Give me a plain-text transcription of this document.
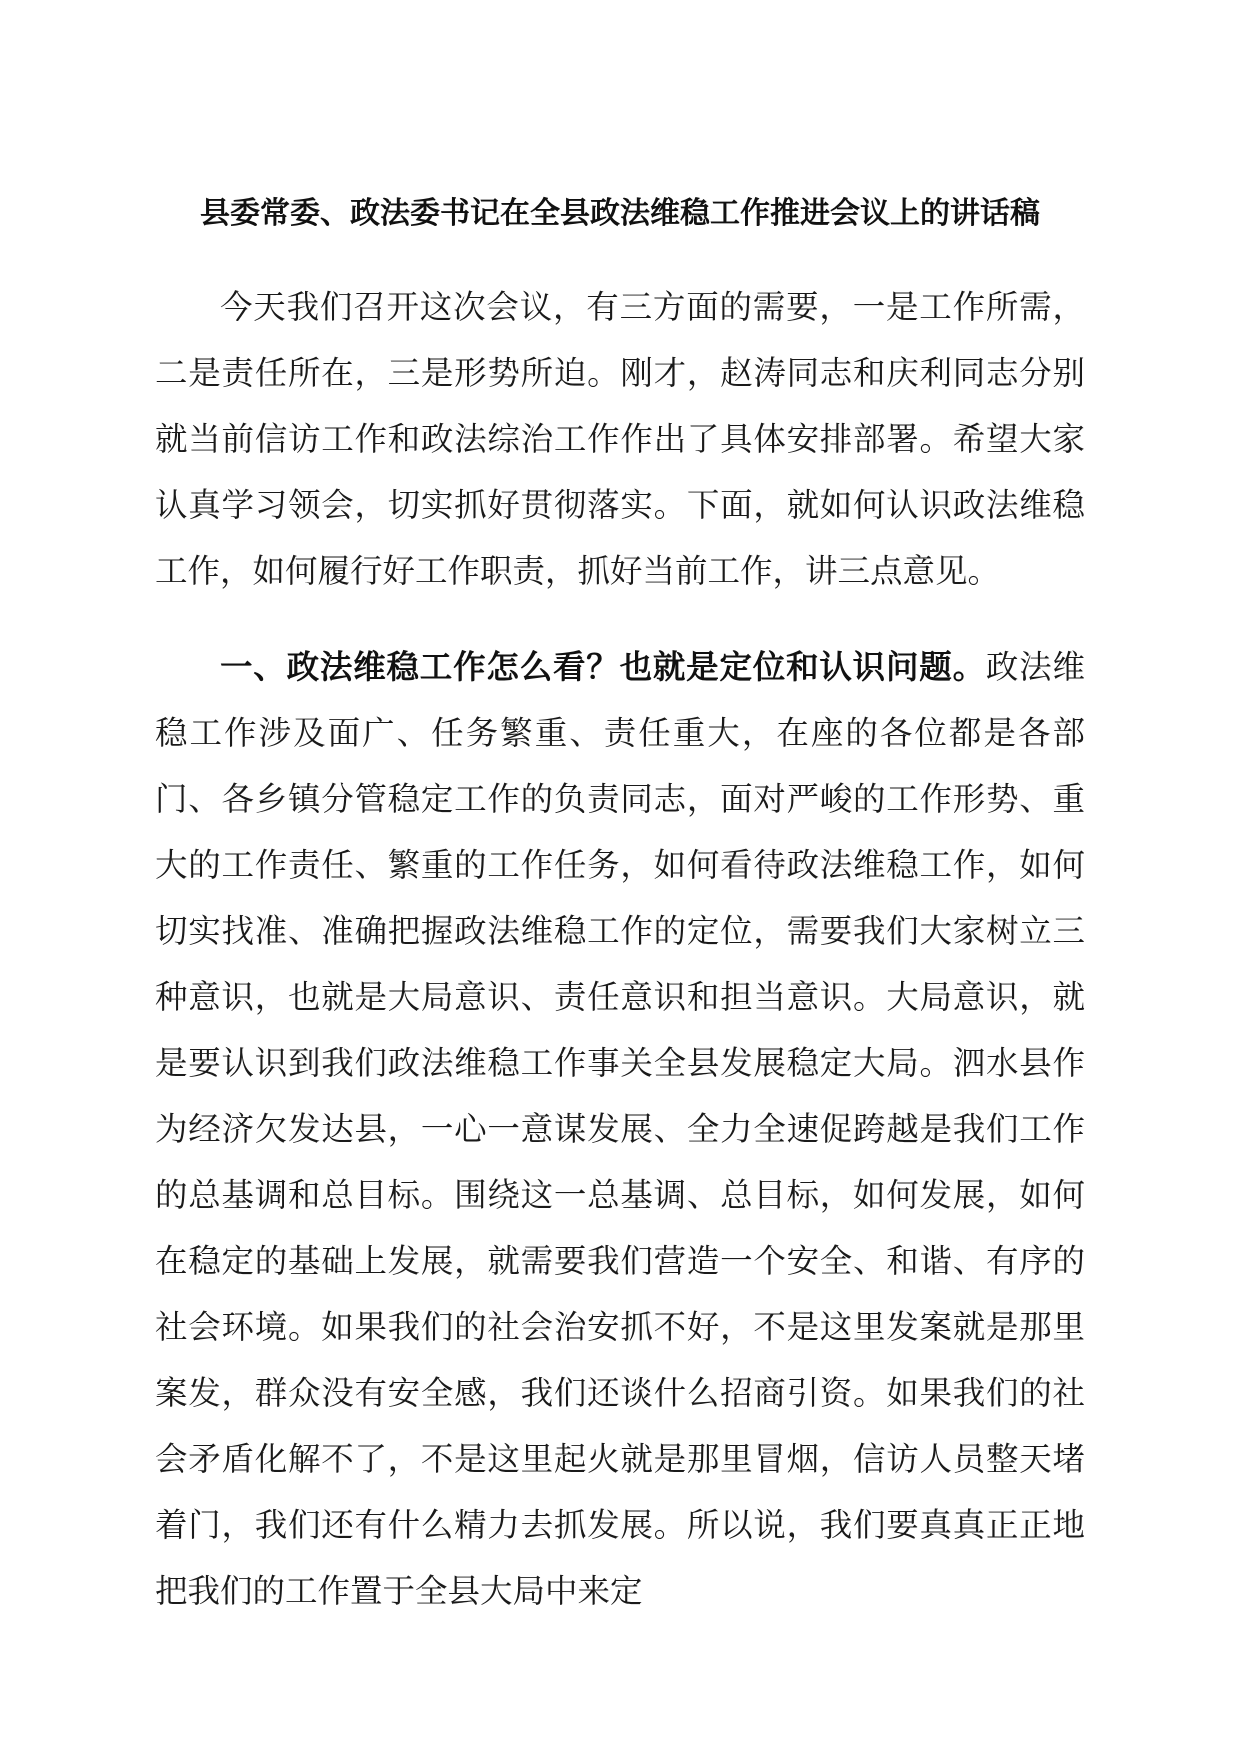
县委常委、政法委书记在全县政法维稳工作推进会议上的讲话稿

今天我们召开这次会议，有三方面的需要，一是工作所需，二是责任所在，三是形势所迫。刚才，赵涛同志和庆利同志分别就当前信访工作和政法综治工作作出了具体安排部署。希望大家认真学习领会，切实抓好贯彻落实。下面，就如何认识政法维稳工作，如何履行好工作职责，抓好当前工作，讲三点意见。

一、政法维稳工作怎么看？也就是定位和认识问题。政法维稳工作涉及面广、任务繁重、责任重大，在座的各位都是各部门、各乡镇分管稳定工作的负责同志，面对严峻的工作形势、重大的工作责任、繁重的工作任务，如何看待政法维稳工作，如何切实找准、准确把握政法维稳工作的定位，需要我们大家树立三种意识，也就是大局意识、责任意识和担当意识。大局意识，就是要认识到我们政法维稳工作事关全县发展稳定大局。泗水县作为经济欠发达县，一心一意谋发展、全力全速促跨越是我们工作的总基调和总目标。围绕这一总基调、总目标，如何发展，如何在稳定的基础上发展，就需要我们营造一个安全、和谐、有序的社会环境。如果我们的社会治安抓不好，不是这里发案就是那里案发，群众没有安全感，我们还谈什么招商引资。如果我们的社会矛盾化解不了，不是这里起火就是那里冒烟，信访人员整天堵着门，我们还有什么精力去抓发展。所以说，我们要真真正正地把我们的工作置于全县大局中来定
